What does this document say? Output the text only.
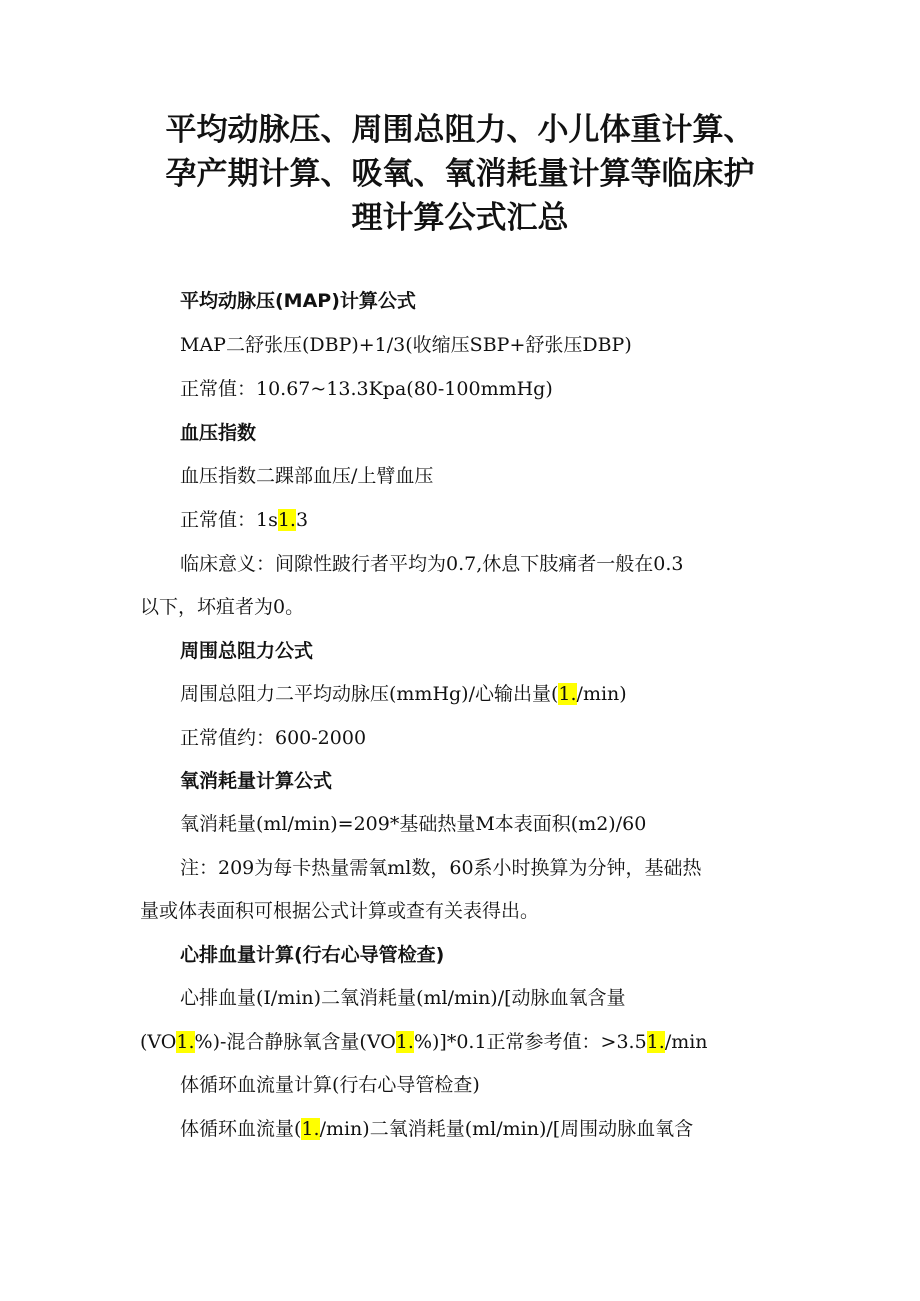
平均动脉压、周围总阻力、小儿体重计算、
孕产期计算、吸氧、氧消耗量计算等临床护
理计算公式汇总
平均动脉压(MAP)计算公式
MAP二舒张压(DBP)+1/3(收缩压SBP+舒张压DBP)
正常值：10.67~13.3Kpa(80-100mmHg)
血压指数
血压指数二踝部血压/上臂血压
正常值：1s1.3
临床意义：间隙性跛行者平均为0.7,休息下肢痛者一般在0.3
以下，坏疽者为0。
周围总阻力公式
周围总阻力二平均动脉压(mmHg)/心输出量(1./min)
正常值约：600-2000
氧消耗量计算公式
氧消耗量(ml/min)=209*基础热量M本表面积(m2)/60
注：209为每卡热量需氧ml数，60系小时换算为分钟，基础热
量或体表面积可根据公式计算或查有关表得出。
心排血量计算(行右心导管检查)
心排血量(I/min)二氧消耗量(ml/min)/[动脉血氧含量
(VO1.%)-混合静脉氧含量(VO1.%)]*0.1正常参考值：>3.51./min
体循环血流量计算(行右心导管检查)
体循环血流量(1./min)二氧消耗量(ml/min)/[周围动脉血氧含
